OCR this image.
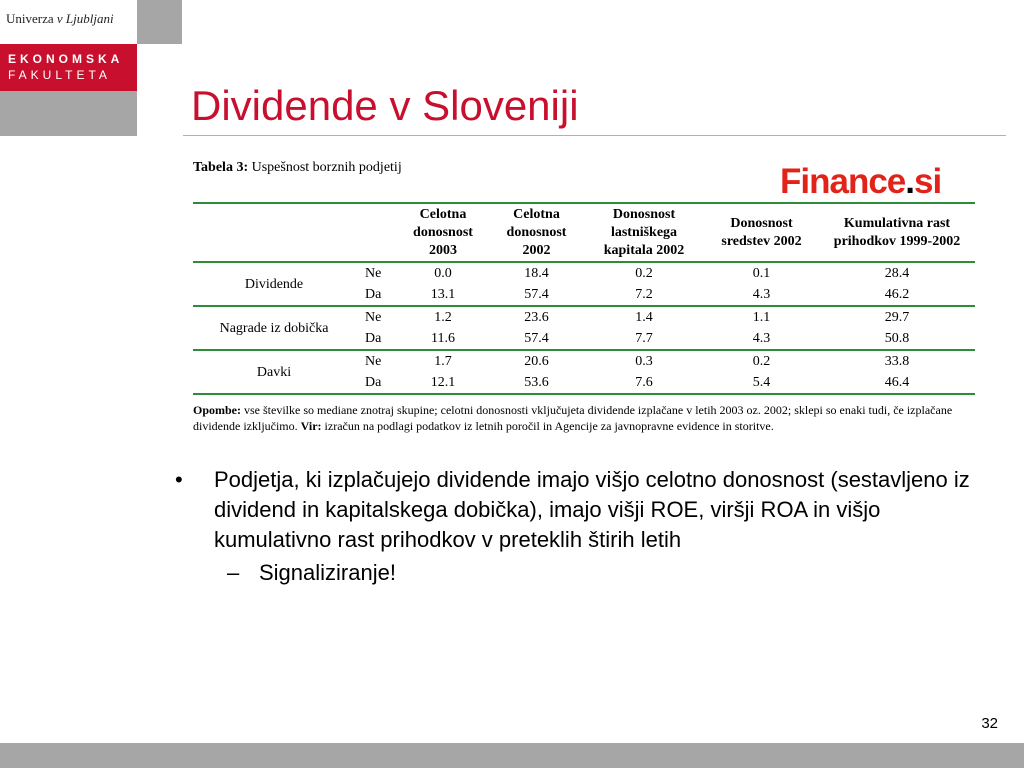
Univerza v Ljubljani
EKONOMSKA
FAKULTETA
Dividende v Sloveniji
Tabela 3: Uspešnost borznih podjetij	Finance.si
		Celotna donosnost 2003	Celotna donosnost 2002	Donosnost lastniškega kapitala 2002	Donosnost sredstev 2002	Kumulativna rast prihodkov 1999-2002
Dividende	Ne	0.0	18.4	0.2	0.1	28.4
	Da	13.1	57.4	7.2	4.3	46.2
Nagrade iz dobička	Ne	1.2	23.6	1.4	1.1	29.7
	Da	11.6	57.4	7.7	4.3	50.8
Davki	Ne	1.7	20.6	0.3	0.2	33.8
	Da	12.1	53.6	7.6	5.4	46.4
Opombe: vse številke so mediane znotraj skupine; celotni donosnosti vključujeta dividende izplačane v letih 2003 oz. 2002; sklepi so enaki tudi, če izplačane dividende izključimo. Vir: izračun na podlagi podatkov iz letnih poročil in Agencije za javnopravne evidence in storitve.
• Podjetja, ki izplačujejo dividende imajo višjo celotno donosnost (sestavljeno iz dividend in kapitalskega dobička), imajo višji ROE, viršji ROA in višjo kumulativno rast prihodkov v preteklih štirih letih
– Signaliziranje!
32
